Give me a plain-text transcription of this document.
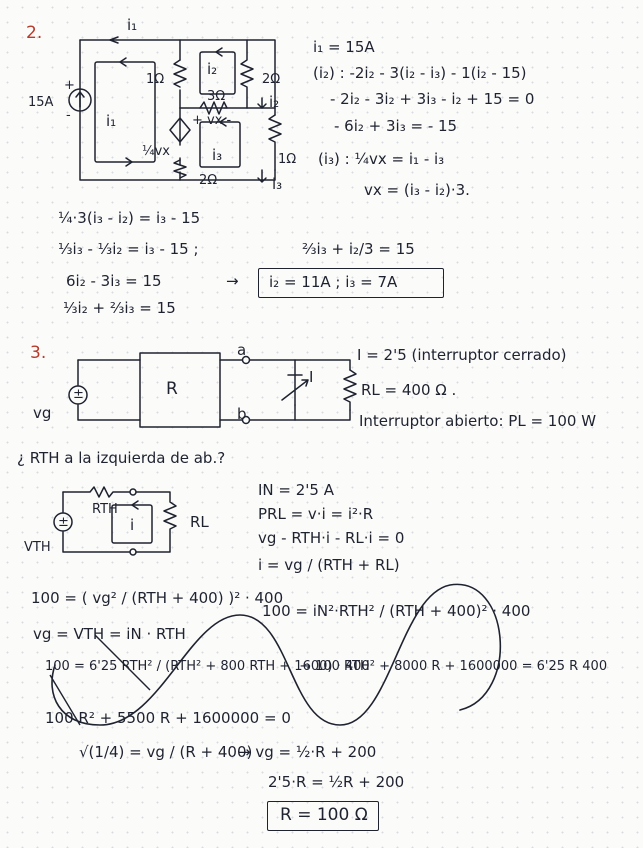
2.	i₁
15A
+
- i₁
i₂
i₃
1Ω	2Ω
3Ω
1Ω
2Ω
¼vx
+ vx -
i₂
i₃
i₁ = 15A
(i₂) : -2i₂ - 3(i₂ - i₃) - 1(i₂ - 15)
- 2i₂ - 3i₂ + 3i₃ - i₂ + 15 = 0
- 6i₂ + 3i₃ = - 15
(i₃) : ¼vx = i₁ - i₃
vx = (i₃ - i₂)·3.
¼·3(i₃ - i₂) = i₃ - 15
⅓i₃ - ⅓i₂ = i₃ - 15 ;	⅔i₃ + i₂/3 = 15
6i₂ - 3i₃ = 15	→ i₂ = 11A ; i₃ = 7A
⅓i₂ + ⅔i₃ = 15
3.
R
a
b
I
vg
±
I = 2'5 (interruptor cerrado)
RL = 400 Ω .
Interruptor abierto: PL = 100 W
¿ RTH a la izquierda de ab.?
RTH
i	RL
VTH
±
IN = 2'5 A
PRL = v·i = i²·R
vg - RTH·i - RL·i = 0
i = vg / (RTH + RL)
100 = ( vg² / (RTH + 400) )² · 400
vg = VTH = iN · RTH
100 = iN²·RTH² / (RTH + 400)² · 400
100 = 6'25 RTH² / (RTH² + 800 RTH + 1600) · 400
→ 100 RTH² + 8000 R + 1600000 = 6'25 R 400
100 R² + 5500 R + 1600000 = 0
√(1/4) = vg / (R + 400)
→ vg = ½·R + 200
2'5·R = ½R + 200
R = 100 Ω
